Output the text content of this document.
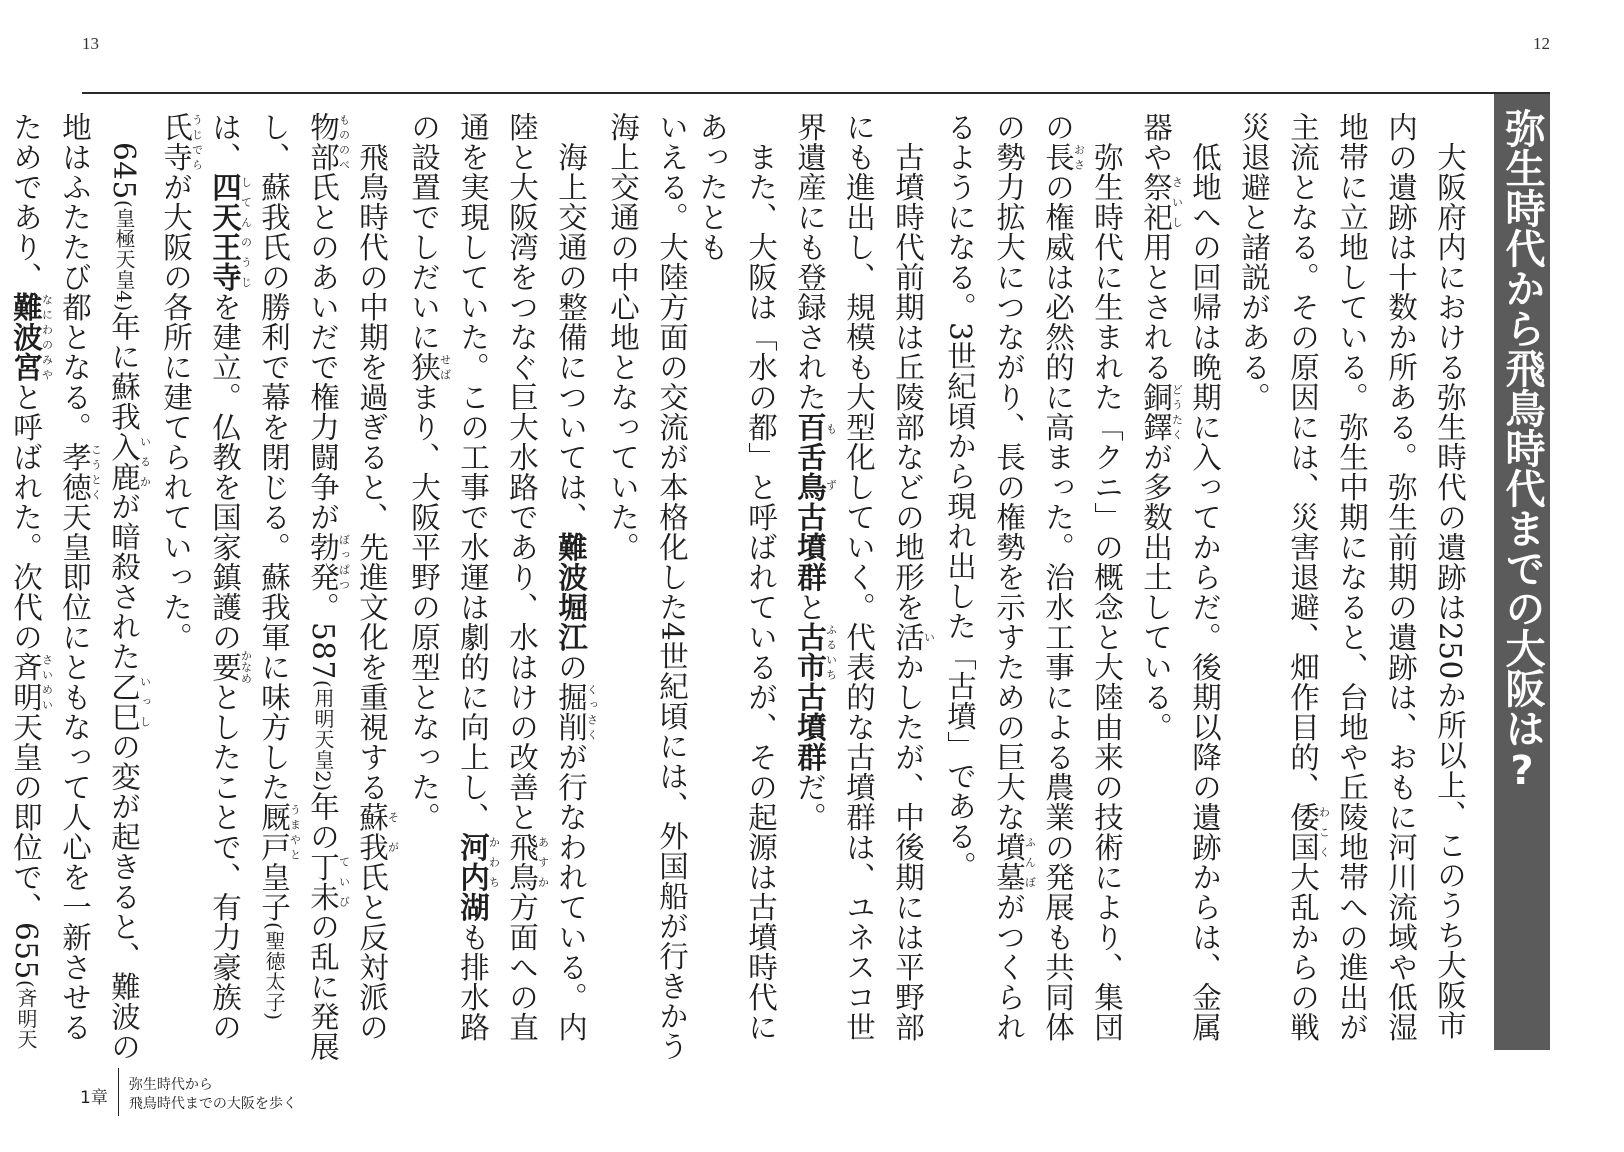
13	12
弥生時代から飛鳥時代までの大阪は?

　大阪府内における弥生時代の遺跡は250か所以上、このうち大阪市内の遺跡は十数か所ある。弥生前期の遺跡は、おもに河川流域や低湿地帯に立地している。弥生中期になると、台地や丘陵地帯への進出が主流となる。その原因には、災害退避、畑作目的、倭国わこく大乱からの戦災退避と諸説がある。

　低地への回帰は晩期に入ってからだ。後期以降の遺跡からは、金属器や祭祀さいし用とされる銅鐸どうたくが多数出土している。

　弥生時代に生まれた「クニ」の概念と大陸由来の技術により、集団の長おさの権威は必然的に高まった。治水工事による農業の発展も共同体の勢力拡大につながり、長の権勢を示すための巨大な墳墓ふんぼがつくられるようになる。3世紀頃から現れ出した「古墳」である。

　古墳時代前期は丘陵部などの地形を活いかしたが、中後期には平野部にも進出し、規模も大型化していく。代表的な古墳群は、ユネスコ世界遺産にも登録された百舌鳥もず古墳群と古市ふるいち古墳群だ。

　また、大阪は「水の都」と呼ばれているが、その起源は古墳時代にあったとも

いえる。大陸方面の交流が本格化した4世紀頃には、外国船が行きかう海上交通の中心地となっていた。

　海上交通の整備については、難波堀江の掘削くっさくが行なわれている。内陸と大阪湾をつなぐ巨大水路であり、水はけの改善と飛鳥あすか方面への直通を実現していた。この工事で水運は劇的に向上し、河内かわち湖も排水路の設置でしだいに狭せばまり、大阪平野の原型となった。

　飛鳥時代の中期を過ぎると、先進文化を重視する蘇我そが氏と反対派の物部もののべ氏とのあいだで権力闘争が勃発ぼっぱつ。587(用明天皇2)年の丁未ていびの乱に発展し、蘇我氏の勝利で幕を閉じる。蘇我軍に味方した厩戸うまやと皇子(聖徳太子)は、四天王寺してんのうじを建立。仏教を国家鎮護の要かなめとしたことで、有力豪族の氏寺うじでらが大阪の各所に建てられていった。

　645(皇極天皇4)年に蘇我入鹿いるかが暗殺された乙巳いっしの変が起きると、難波の地はふたたび都となる。孝徳こうとく天皇即位にともなって人心を一新させるためであり、難波宮なにわのみやと呼ばれた。次代の斉明さいめい天皇の即位で、655(斉明天

1章
弥生時代から
飛鳥時代までの大阪を歩く
